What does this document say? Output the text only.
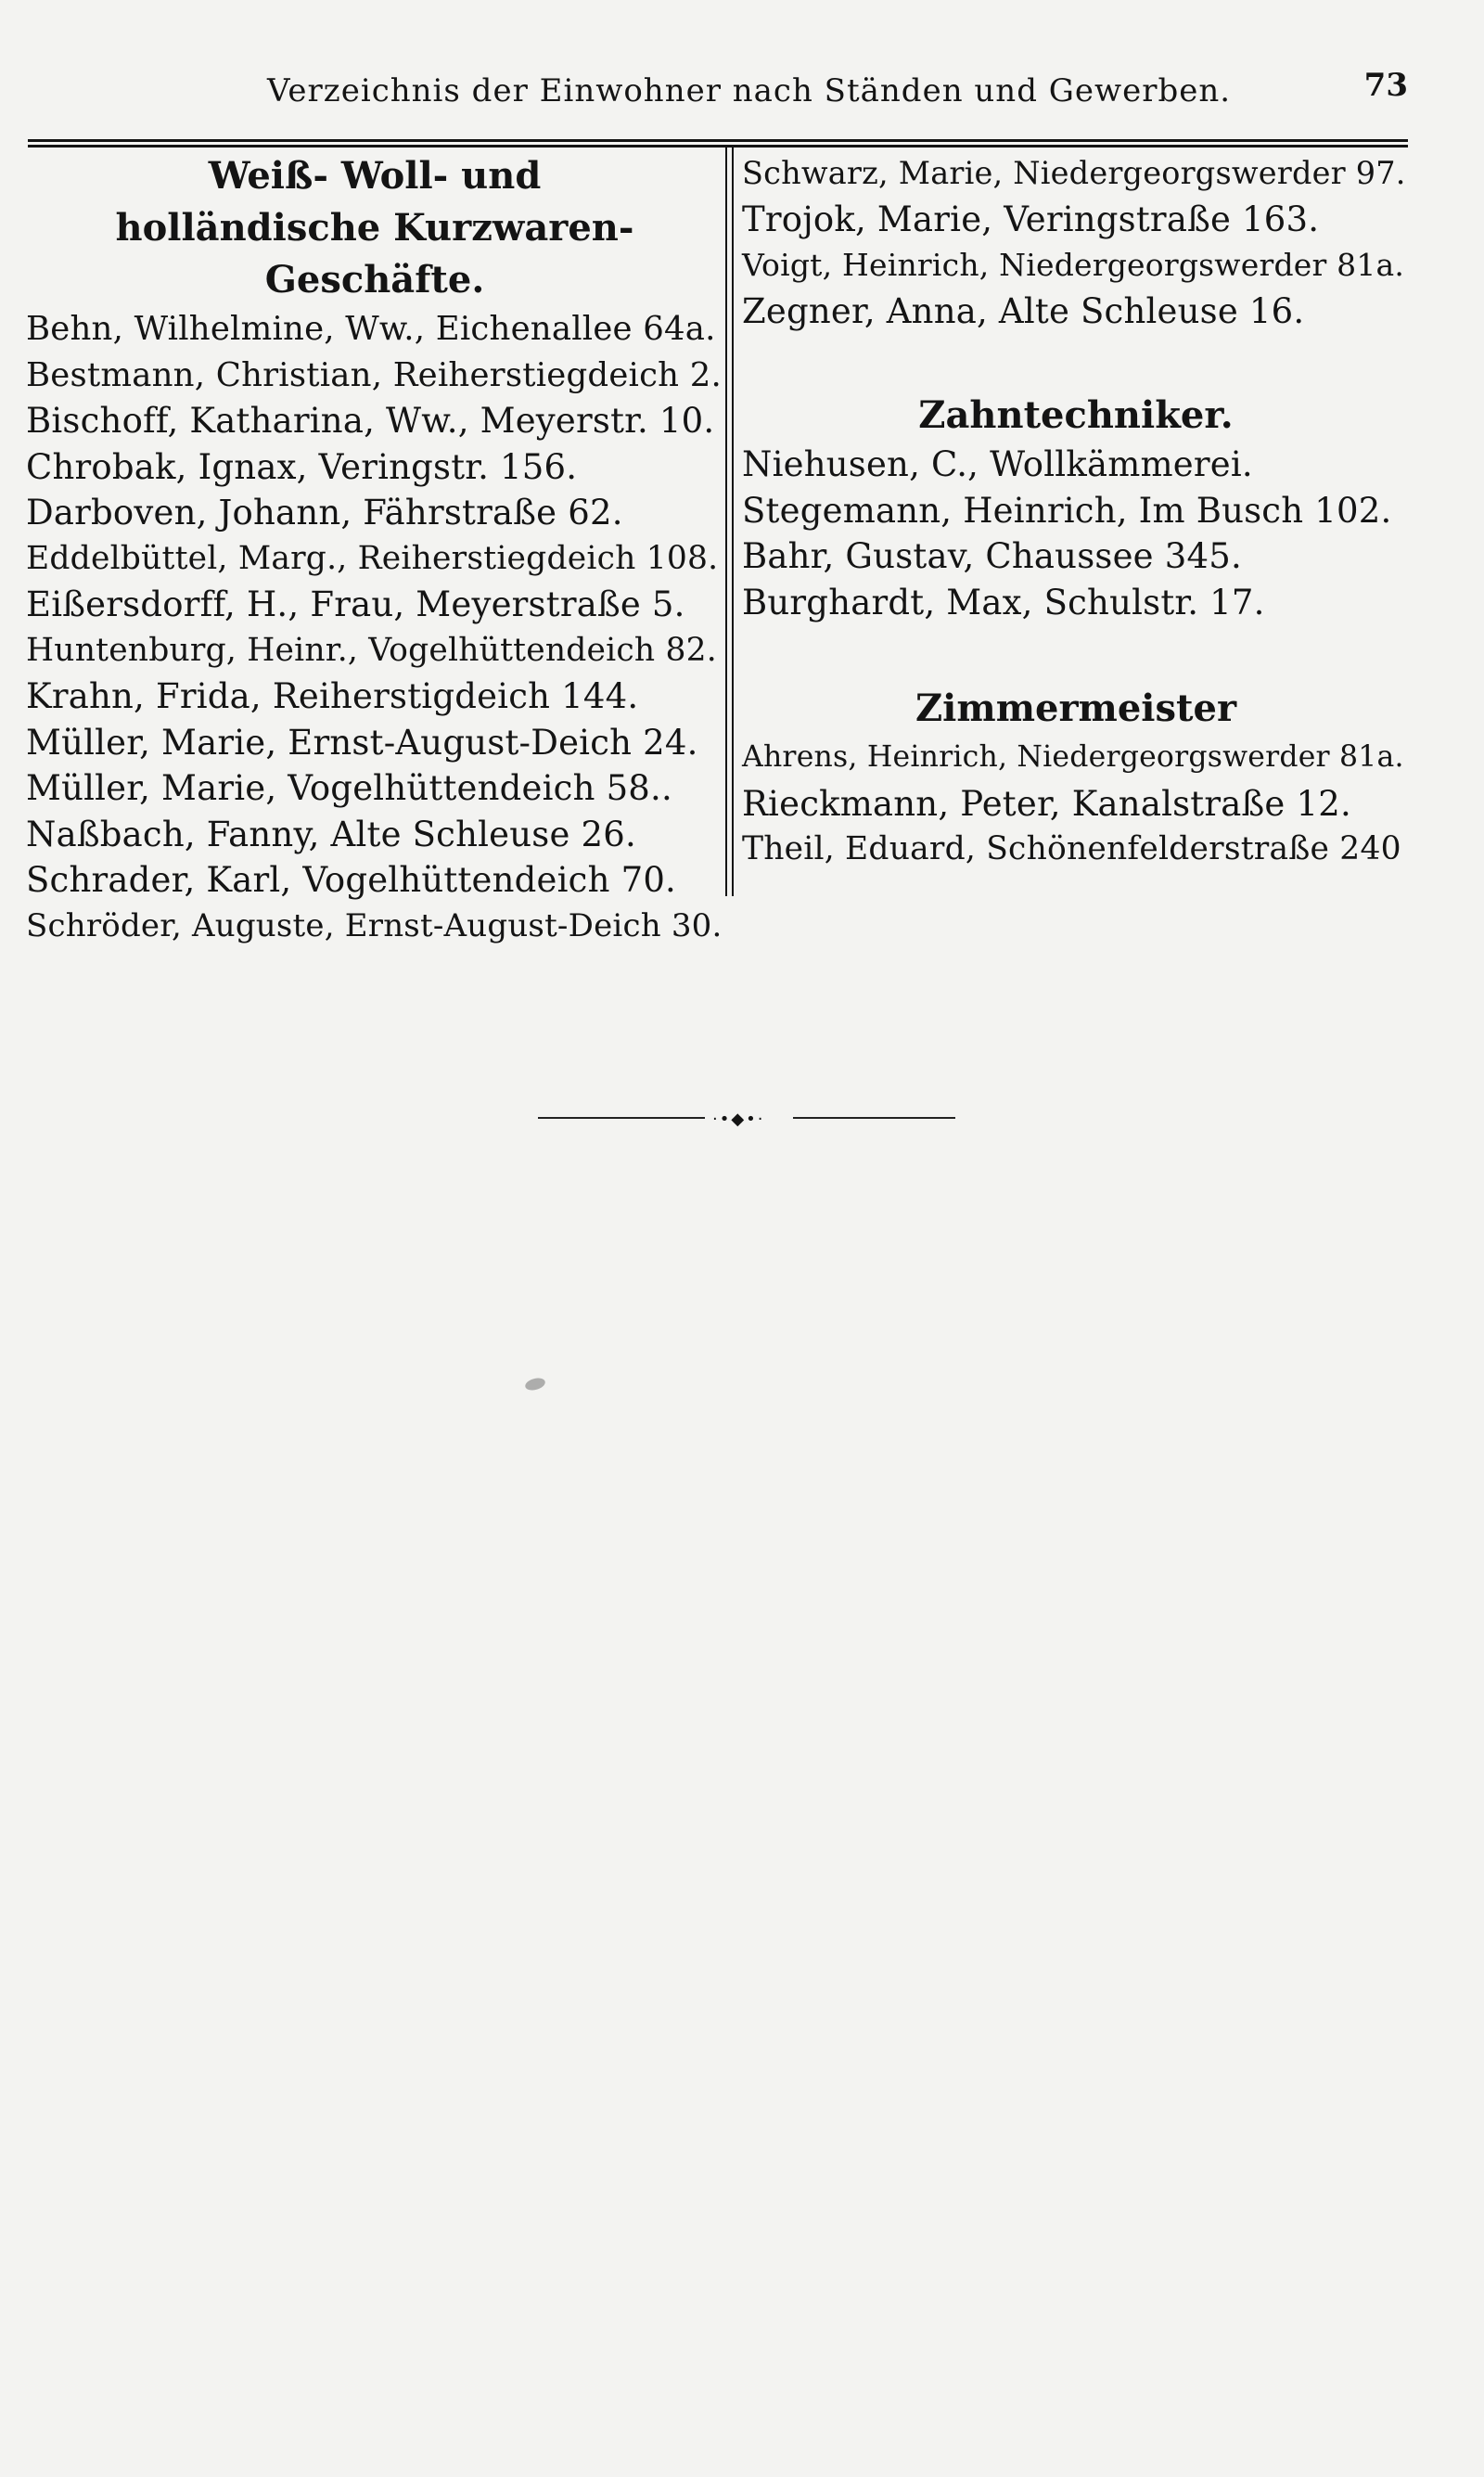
Verzeichnis der Einwohner nach Ständen und Gewerben.	73

Weiß- Woll- und

holländische Kurzwaren-Geschäfte.

Behn, Wilhelmine, Ww., Eichenallee 64a.
Bestmann, Christian, Reiherstiegdeich 2.
Bischoff, Katharina, Ww., Meyerstr. 10.
Chrobak, Ignax, Veringstr. 156.
Darboven, Johann, Fährstraße 62.
Eddelbüttel, Marg., Reiherstiegdeich 108.
Eißersdorff, H., Frau, Meyerstraße 5.
Huntenburg, Heinr., Vogelhüttendeich 82.
Krahn, Frida, Reiherstigdeich 144.
Müller, Marie, Ernst-August-Deich 24.
Müller, Marie, Vogelhüttendeich 58..
Naßbach, Fanny, Alte Schleuse 26.
Schrader, Karl, Vogelhüttendeich 70.
Schröder, Auguste, Ernst-August-Deich 30.
Schwarz, Marie, Niedergeorgswerder 97.
Trojok, Marie, Veringstraße 163.
Voigt, Heinrich, Niedergeorgswerder 81a.
Zegner, Anna, Alte Schleuse 16.

Zahntechniker.

Niehusen, C., Wollkämmerei.
Stegemann, Heinrich, Im Busch 102.
Bahr, Gustav, Chaussee 345.
Burghardt, Max, Schulstr. 17.

Zimmermeister

Ahrens, Heinrich, Niedergeorgswerder 81a.
Rieckmann, Peter, Kanalstraße 12.
Theil, Eduard, Schönenfelderstraße 240
·•◆•·
